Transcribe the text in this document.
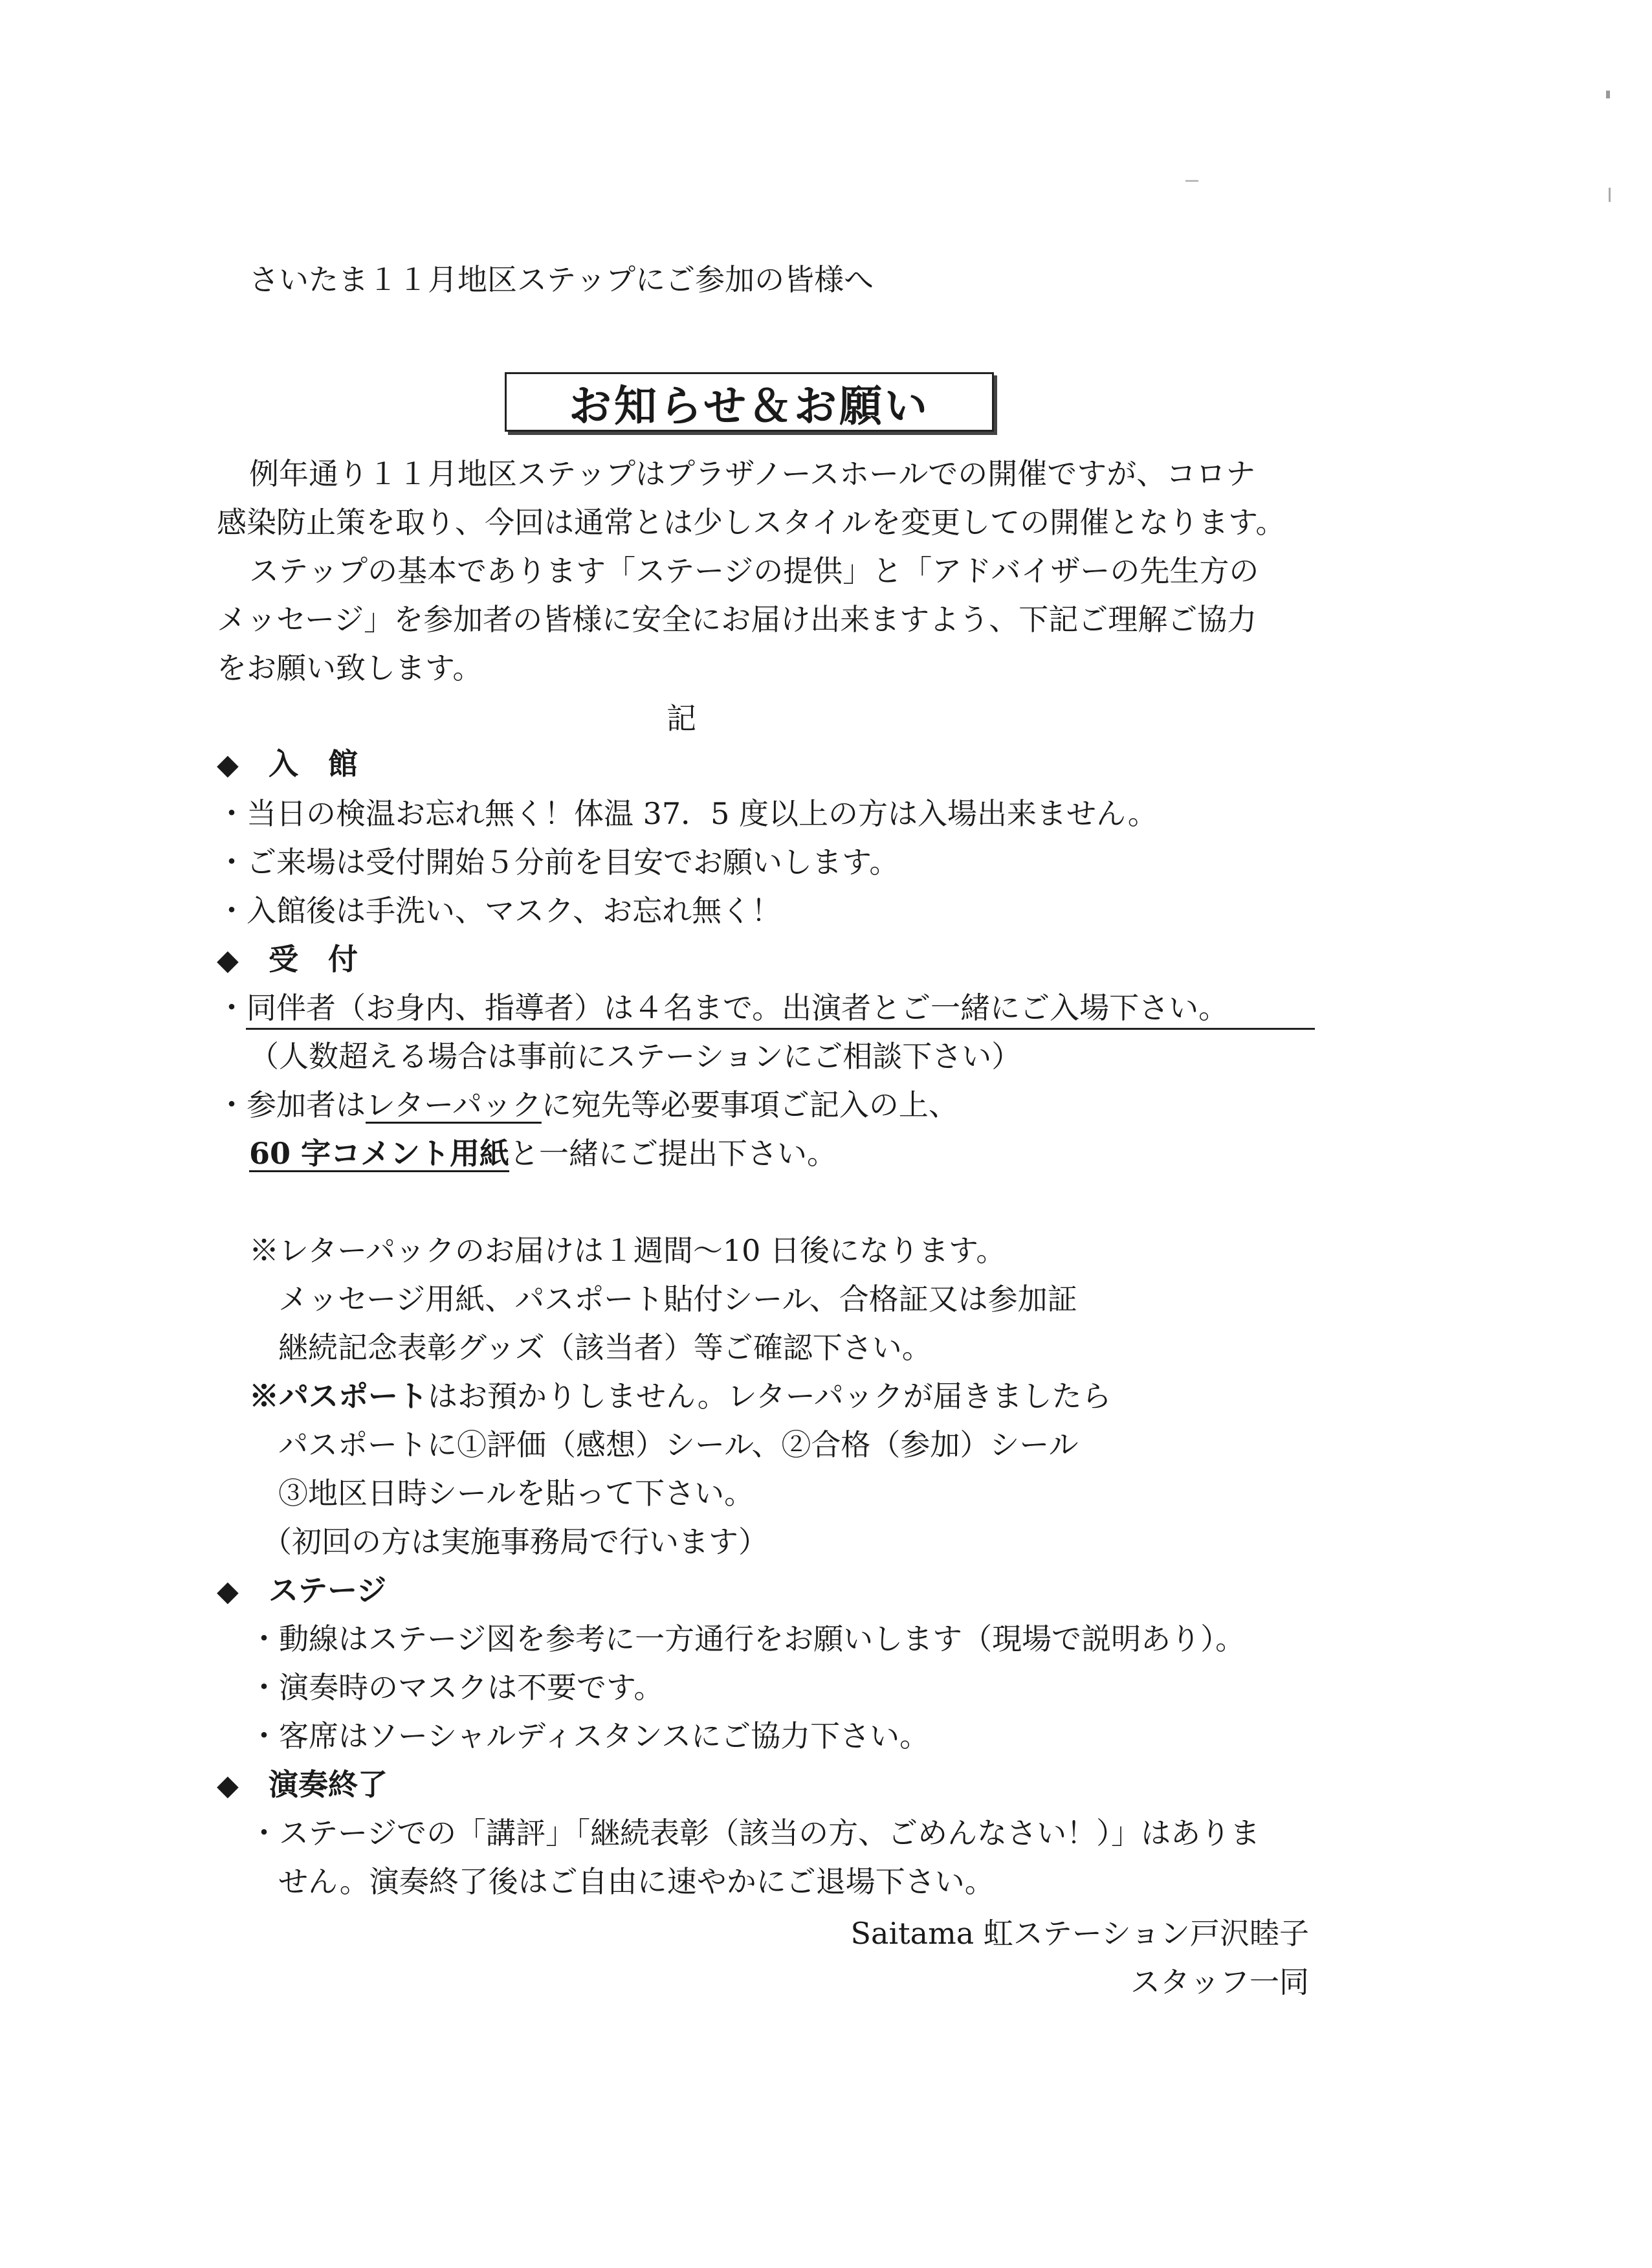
さいたま１１月地区ステップにご参加の皆様へ
お知らせ＆お願い
例年通り１１月地区ステップはプラザノースホールでの開催ですが、コロナ
感染防止策を取り、今回は通常とは少しスタイルを変更しての開催となります。
ステップの基本であります「ステージの提供」と「アドバイザーの先生方の
メッセージ」を参加者の皆様に安全にお届け出来ますよう、下記ご理解ご協力
をお願い致します。
記
◆ 入　館
・当日の検温お忘れ無く！体温 37．5 度以上の方は入場出来ません。
・ご来場は受付開始５分前を目安でお願いします。
・入館後は手洗い、マスク、お忘れ無く！
◆ 受　付
・同伴者（お身内、指導者）は４名まで。出演者とご一緒にご入場下さい。
（人数超える場合は事前にステーションにご相談下さい）
・参加者はレターパックに宛先等必要事項ご記入の上、
60 字コメント用紙と一緒にご提出下さい。
※レターパックのお届けは１週間～10 日後になります。
メッセージ用紙、パスポート貼付シール、合格証又は参加証
継続記念表彰グッズ（該当者）等ご確認下さい。
※パスポートはお預かりしません。レターパックが届きましたら
パスポートに①評価（感想）シール、②合格（参加）シール
③地区日時シールを貼って下さい。
（初回の方は実施事務局で行います）
◆ ステージ
・動線はステージ図を参考に一方通行をお願いします（現場で説明あり）。
・演奏時のマスクは不要です。
・客席はソーシャルディスタンスにご協力下さい。
◆ 演奏終了
・ステージでの「講評」「継続表彰（該当の方、ごめんなさい！）」はありま
せん。演奏終了後はご自由に速やかにご退場下さい。
Saitama 虹ステーション戸沢睦子
スタッフ一同
